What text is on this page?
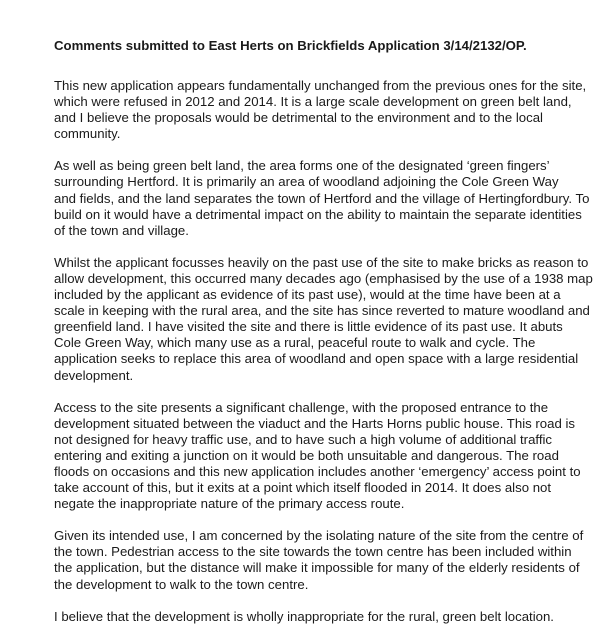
Comments submitted to East Herts on Brickfields Application 3/14/2132/OP.
This new application appears fundamentally unchanged from the previous ones for the site,
which were refused in 2012 and 2014. It is a large scale development on green belt land,
and I believe the proposals would be detrimental to the environment and to the local
community.
As well as being green belt land, the area forms one of the designated ‘green fingers’
surrounding Hertford. It is primarily an area of woodland adjoining the Cole Green Way
and fields, and the land separates the town of Hertford and the village of Hertingfordbury. To
build on it would have a detrimental impact on the ability to maintain the separate identities
of the town and village.
Whilst the applicant focusses heavily on the past use of the site to make bricks as reason to
allow development, this occurred many decades ago (emphasised by the use of a 1938 map
included by the applicant as evidence of its past use), would at the time have been at a
scale in keeping with the rural area, and the site has since reverted to mature woodland and
greenfield land. I have visited the site and there is little evidence of its past use. It abuts
Cole Green Way, which many use as a rural, peaceful route to walk and cycle. The
application seeks to replace this area of woodland and open space with a large residential
development.
Access to the site presents a significant challenge, with the proposed entrance to the
development situated between the viaduct and the Harts Horns public house. This road is
not designed for heavy traffic use, and to have such a high volume of additional traffic
entering and exiting a junction on it would be both unsuitable and dangerous. The road
floods on occasions and this new application includes another ‘emergency’ access point to
take account of this, but it exits at a point which itself flooded in 2014. It does also not
negate the inappropriate nature of the primary access route.
Given its intended use, I am concerned by the isolating nature of the site from the centre of
the town. Pedestrian access to the site towards the town centre has been included within
the application, but the distance will make it impossible for many of the elderly residents of
the development to walk to the town centre.
I believe that the development is wholly inappropriate for the rural, green belt location.
